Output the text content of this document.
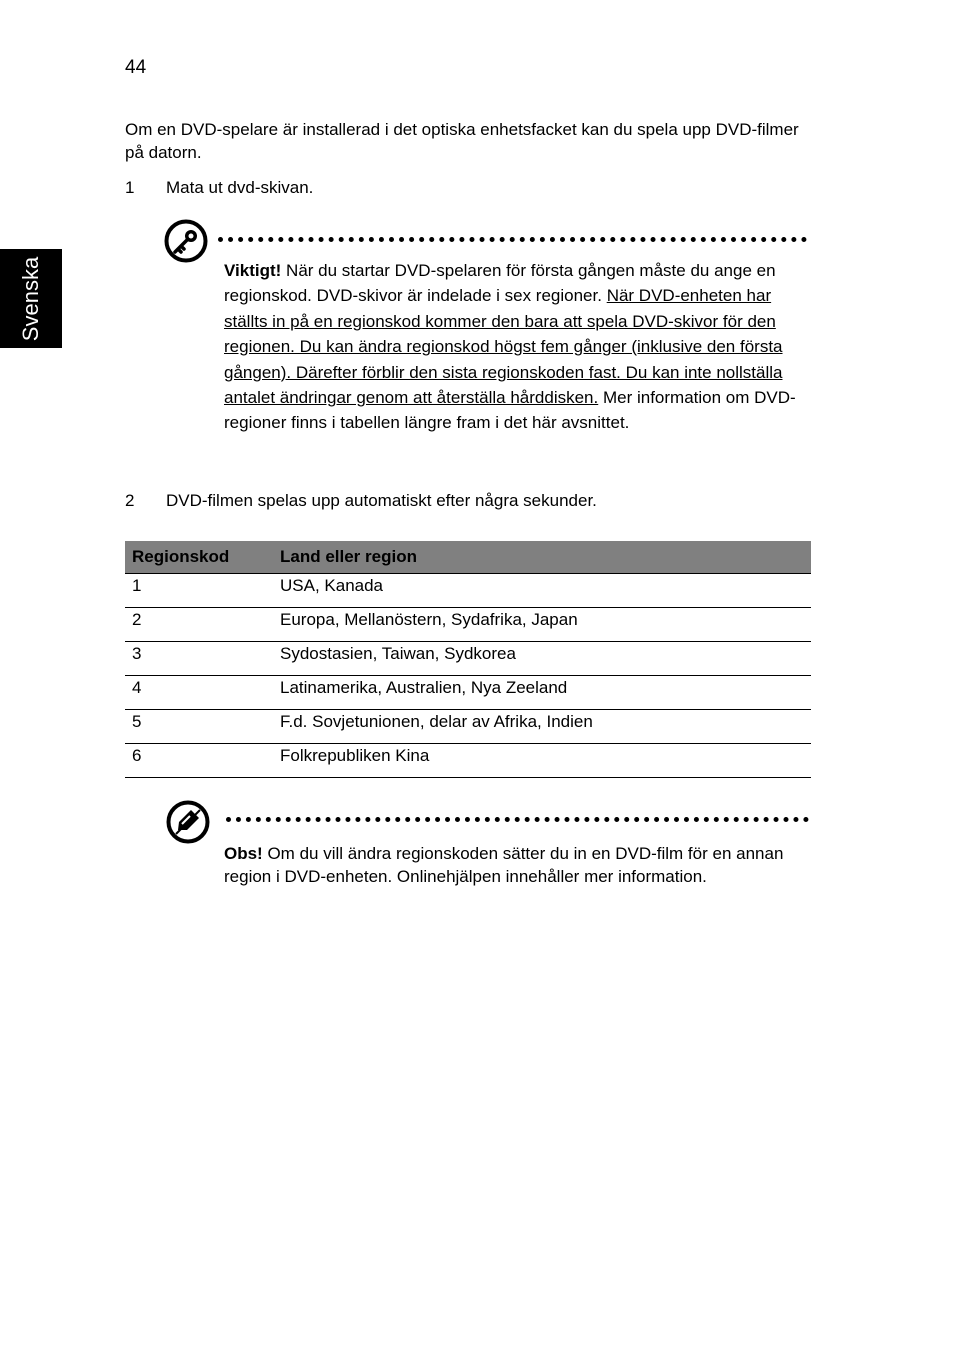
44
Svenska
Om en DVD-spelare är installerad i det optiska enhetsfacket kan du spela upp DVD-filmer på datorn.
1 Mata ut dvd-skivan.
Viktigt! När du startar DVD-spelaren för första gången måste du ange en regionskod. DVD-skivor är indelade i sex regioner. När DVD-enheten har ställts in på en regionskod kommer den bara att spela DVD-skivor för den regionen. Du kan ändra regionskod högst fem gånger (inklusive den första gången). Därefter förblir den sista regionskoden fast. Du kan inte nollställa antalet ändringar genom att återställa hårddisken. Mer information om DVD-regioner finns i tabellen längre fram i det här avsnittet.
2 DVD-filmen spelas upp automatiskt efter några sekunder.
Regionskod	Land eller region
1	USA, Kanada
2	Europa, Mellanöstern, Sydafrika, Japan
3	Sydostasien, Taiwan, Sydkorea
4	Latinamerika, Australien, Nya Zeeland
5	F.d. Sovjetunionen, delar av Afrika, Indien
6	Folkrepubliken Kina
Obs! Om du vill ändra regionskoden sätter du in en DVD-film för en annan region i DVD-enheten. Onlinehjälpen innehåller mer information.
